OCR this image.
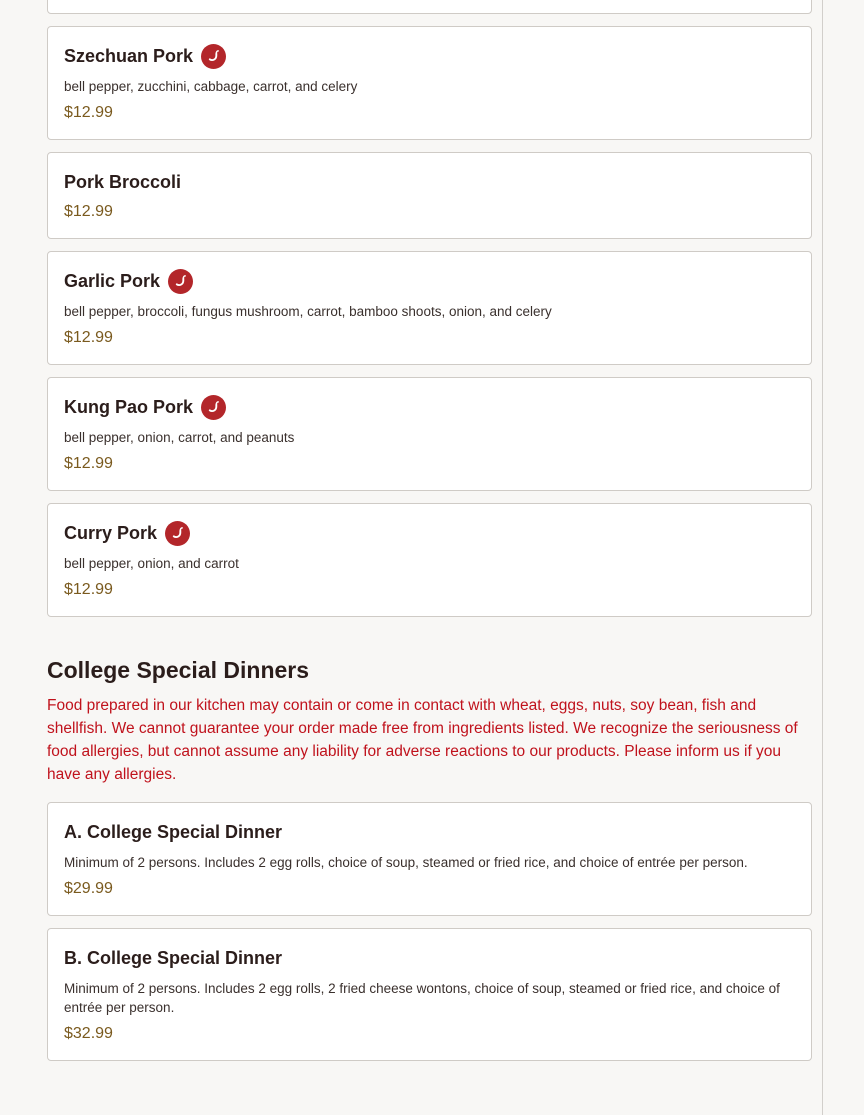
Szechuan Pork
bell pepper, zucchini, cabbage, carrot, and celery
$12.99
Pork Broccoli
$12.99
Garlic Pork
bell pepper, broccoli, fungus mushroom, carrot, bamboo shoots, onion, and celery
$12.99
Kung Pao Pork
bell pepper, onion, carrot, and peanuts
$12.99
Curry Pork
bell pepper, onion, and carrot
$12.99
College Special Dinners
Food prepared in our kitchen may contain or come in contact with wheat, eggs, nuts, soy bean, fish and shellfish. We cannot guarantee your order made free from ingredients listed. We recognize the seriousness of food allergies, but cannot assume any liability for adverse reactions to our products. Please inform us if you have any allergies.
A. College Special Dinner
Minimum of 2 persons. Includes 2 egg rolls, choice of soup, steamed or fried rice, and choice of entrée per person.
$29.99
B. College Special Dinner
Minimum of 2 persons. Includes 2 egg rolls, 2 fried cheese wontons, choice of soup, steamed or fried rice, and choice of entrée per person.
$32.99
